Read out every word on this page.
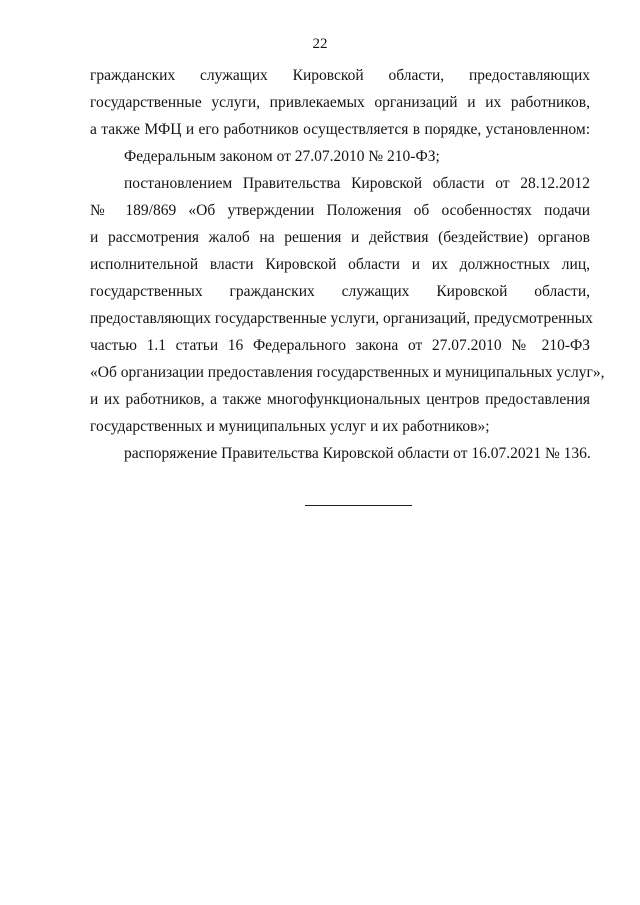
22
гражданских служащих Кировской области, предоставляющих
государственные услуги, привлекаемых организаций и их работников,
а также МФЦ и его работников осуществляется в порядке, установленном:
Федеральным законом от 27.07.2010 № 210-ФЗ;
постановлением Правительства Кировской области от 28.12.2012
№ 189/869 «Об утверждении Положения об особенностях подачи
и рассмотрения жалоб на решения и действия (бездействие) органов
исполнительной власти Кировской области и их должностных лиц,
государственных гражданских служащих Кировской области,
предоставляющих государственные услуги, организаций, предусмотренных
частью 1.1 статьи 16 Федерального закона от 27.07.2010 № 210-ФЗ
«Об организации предоставления государственных и муниципальных услуг»,
и их работников, а также многофункциональных центров предоставления
государственных и муниципальных услуг и их работников»;
распоряжение Правительства Кировской области от 16.07.2021 № 136.
